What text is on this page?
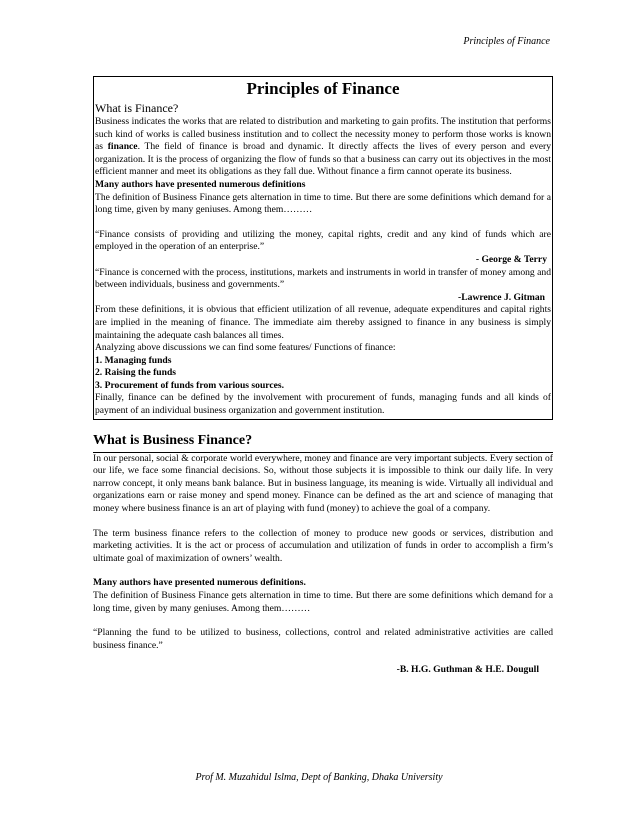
Principles of Finance
Principles of Finance

What is Finance?

Business indicates the works that are related to distribution and marketing to gain profits. The institution that performs such kind of works is called business institution and to collect the necessity money to perform those works is known as finance. The field of finance is broad and dynamic. It directly affects the lives of every person and every organization. It is the process of organizing the flow of funds so that a business can carry out its objectives in the most efficient manner and meet its obligations as they fall due. Without finance a firm cannot operate its business.

Many authors have presented numerous definitions

The definition of Business Finance gets alternation in time to time. But there are some definitions which demand for a long time, given by many geniuses. Among them………

“Finance consists of providing and utilizing the money, capital rights, credit and any kind of funds which are employed in the operation of an enterprise.”

- George & Terry

“Finance is concerned with the process, institutions, markets and instruments in world in transfer of money among and between individuals, business and governments.”

-Lawrence J. Gitman

From these definitions, it is obvious that efficient utilization of all revenue, adequate expenditures and capital rights are implied in the meaning of finance. The immediate aim thereby assigned to finance in any business is simply maintaining the adequate cash balances all times.

Analyzing above discussions we can find some features/ Functions of finance:

1. Managing funds

2. Raising the funds

3. Procurement of funds from various sources.

Finally, finance can be defined by the involvement with procurement of funds, managing funds and all kinds of payment of an individual business organization and government institution.

What is Business Finance?

In our personal, social & corporate world everywhere, money and finance are very important subjects. Every section of our life, we face some financial decisions. So, without those subjects it is impossible to think our daily life. In very narrow concept, it only means bank balance. But in business language, its meaning is wide. Virtually all individual and organizations earn or raise money and spend money. Finance can be defined as the art and science of managing that money where business finance is an art of playing with fund (money) to achieve the goal of a company.

The term business finance refers to the collection of money to produce new goods or services, distribution and marketing activities. It is the act or process of accumulation and utilization of funds in order to accomplish a firm’s ultimate goal of maximization of owners’ wealth.

Many authors have presented numerous definitions.

The definition of Business Finance gets alternation in time to time. But there are some definitions which demand for a long time, given by many geniuses. Among them………

“Planning the fund to be utilized to business, collections, control and related administrative activities are called business finance.”

-B. H.G. Guthman & H.E. Dougull

Prof M. Muzahidul Islma, Dept of Banking, Dhaka University
